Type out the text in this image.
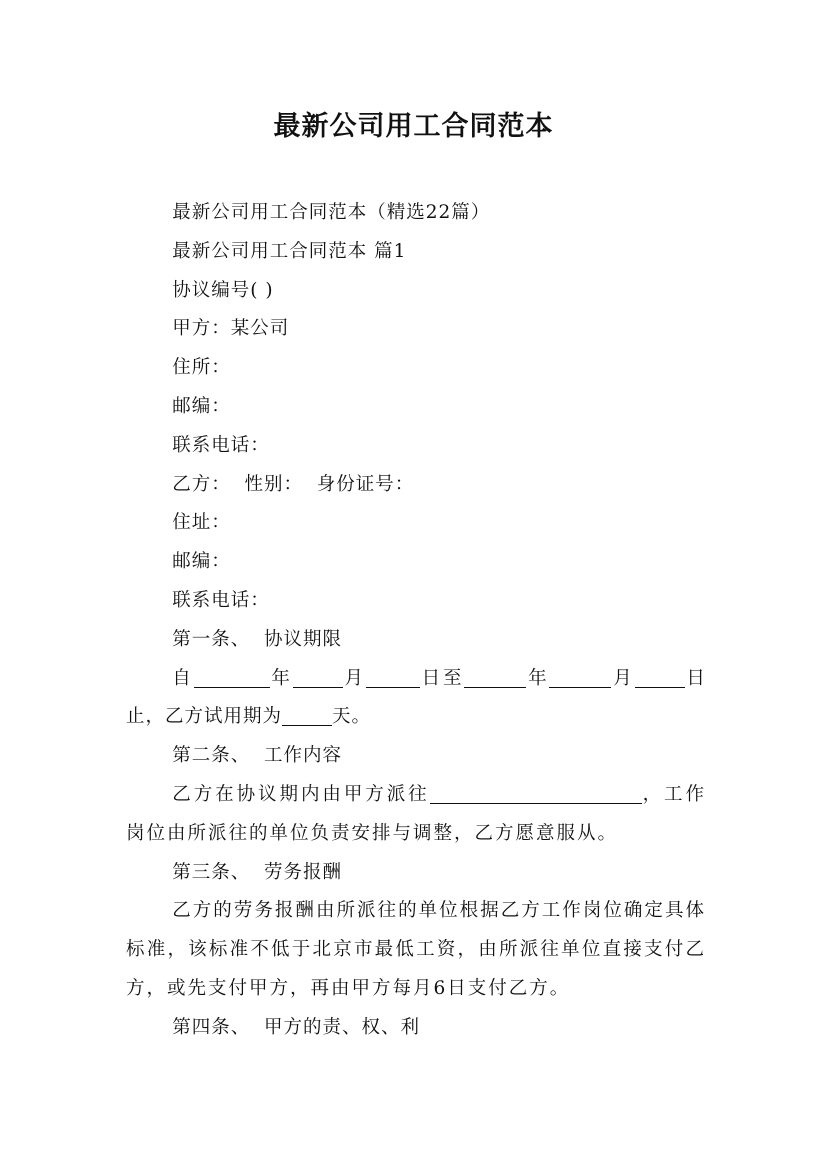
最新公司用工合同范本

最新公司用工合同范本（精选22篇）

最新公司用工合同范本 篇1

协议编号( )

甲方：某公司

住所：

邮编：

联系电话：

乙方：  性别：  身份证号：

住址：

邮编：

联系电话：

第一条、  协议期限

自	年	月	日至	年	月	日止，乙方试用期为	天。

第二条、  工作内容

乙方在协议期内由甲方派往	，工作岗位由所派往的单位负责安排与调整，乙方愿意服从。

第三条、  劳务报酬

乙方的劳务报酬由所派往的单位根据乙方工作岗位确定具体标准，该标准不低于北京市最低工资，由所派往单位直接支付乙方，或先支付甲方，再由甲方每月6日支付乙方。

第四条、  甲方的责、权、利
